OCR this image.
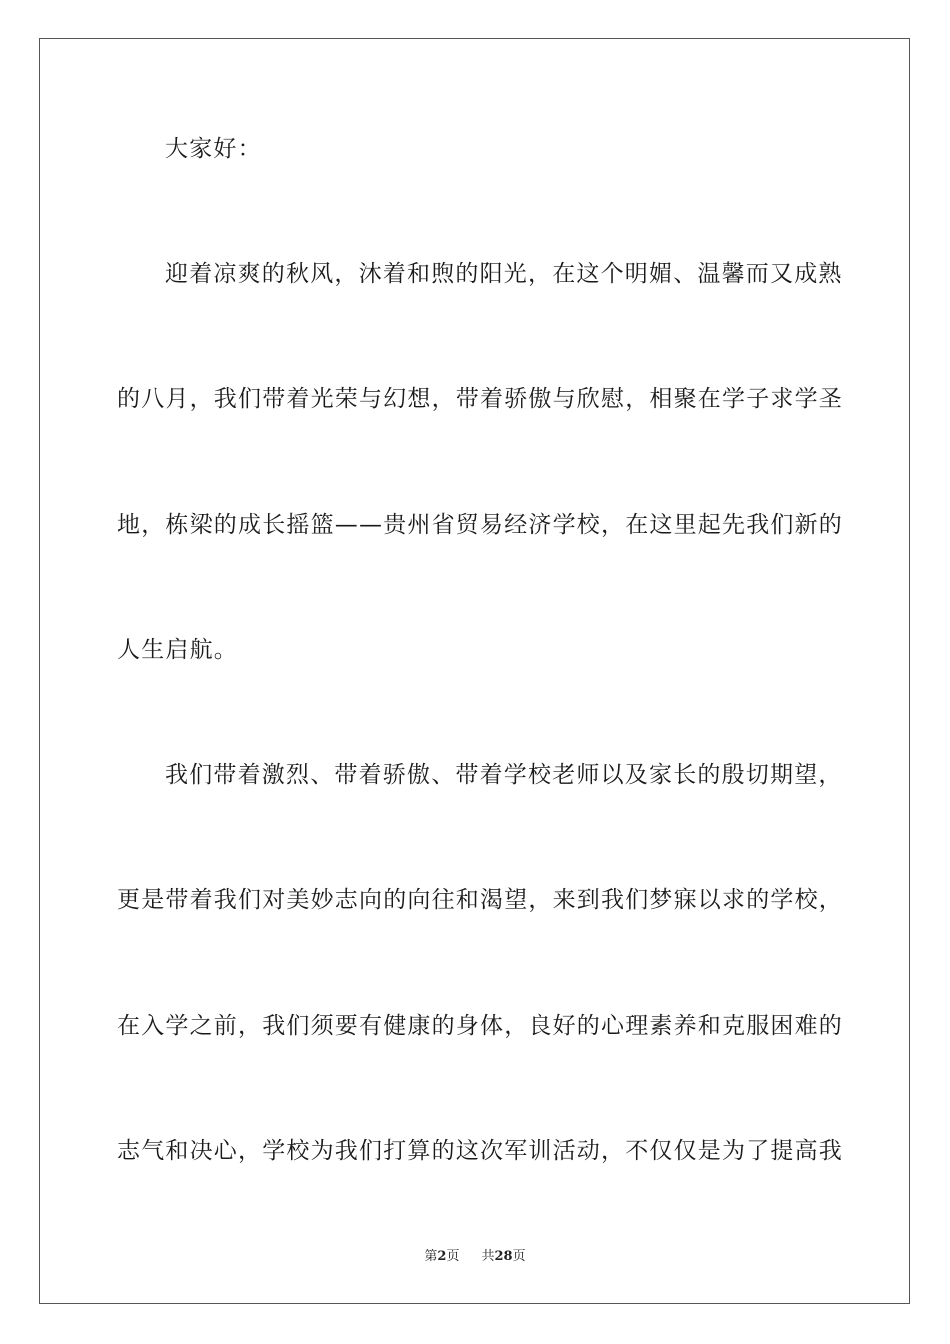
大家好：
迎着凉爽的秋风，沐着和煦的阳光，在这个明媚、温馨而又成熟
的八月，我们带着光荣与幻想，带着骄傲与欣慰，相聚在学子求学圣
地，栋梁的成长摇篮——贵州省贸易经济学校，在这里起先我们新的
人生启航。
我们带着激烈、带着骄傲、带着学校老师以及家长的殷切期望，
更是带着我们对美妙志向的向往和渴望，来到我们梦寐以求的学校，
在入学之前，我们须要有健康的身体，良好的心理素养和克服困难的
志气和决心，学校为我们打算的这次军训活动，不仅仅是为了提高我
第2页 共28页
